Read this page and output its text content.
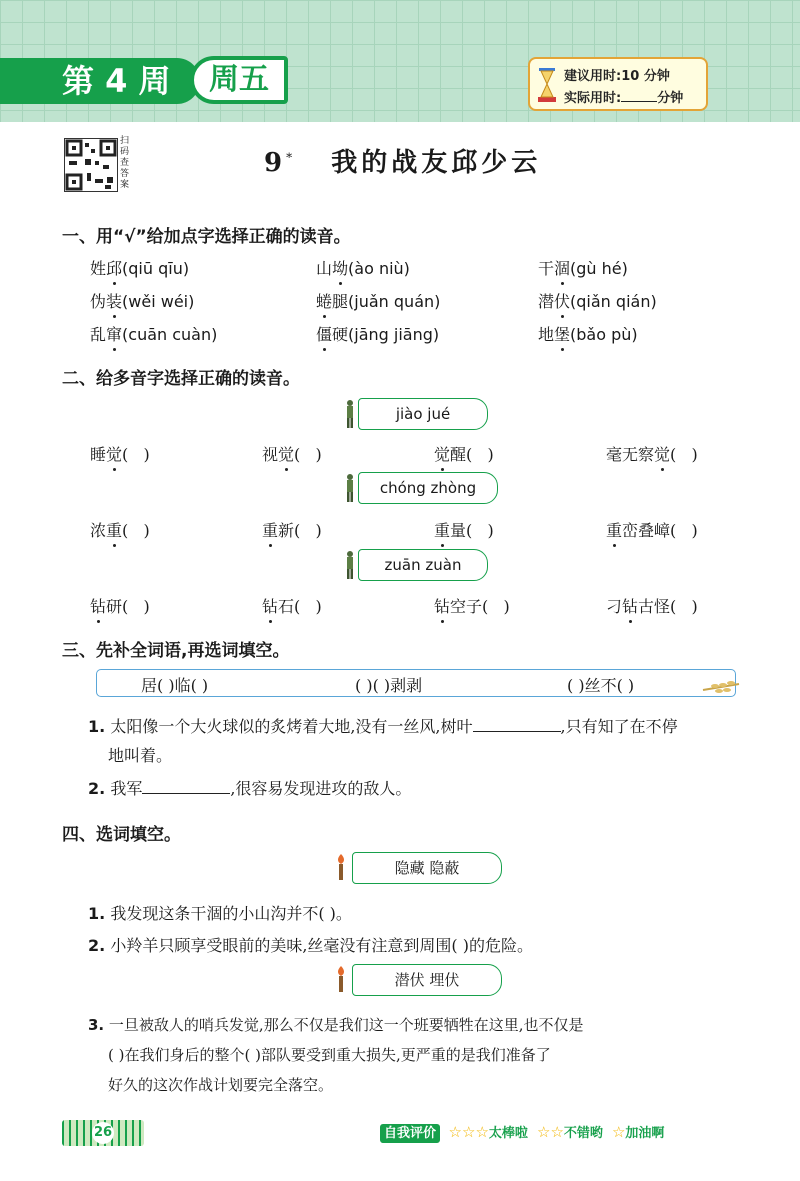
第 4 周	周五	建议用时:10 分钟
实际用时:	分钟
扫码查答案
9* 我的战友邱少云
一、用“√”给加点字选择正确的读音。
姓邱(qiū qīu)	山坳(ào niù)	干涸(gù hé)
伪装(wěi wéi)	蜷腿(juǎn quán)	潜伏(qiǎn qián)
乱窜(cuān cuàn)	僵硬(jāng jiāng)	地堡(bǎo pù)
二、给多音字选择正确的读音。
jiào jué
睡觉(   )	视觉(   )	觉醒(   )	毫无察觉(   )
chóng zhòng
浓重(   )	重新(   )	重量(   )	重峦叠嶂(   )
zuān zuàn
钻研(   )	钻石(   )	钻空子(   )	刁钻古怪(   )
三、先补全词语,再选词填空。
居( )临( )	( )( )剥剥	( )丝不( )
1. 太阳像一个大火球似的炙烤着大地,没有一丝风,树叶	,只有知了在不停
地叫着。
2. 我军	,很容易发现进攻的敌人。
四、选词填空。
隐藏 隐蔽
1. 我发现这条干涸的小山沟并不( )。
2. 小羚羊只顾享受眼前的美味,丝毫没有注意到周围( )的危险。
潜伏 埋伏
3. 一旦被敌人的哨兵发觉,那么不仅是我们这一个班要牺牲在这里,也不仅是
( )在我们身后的整个( )部队要受到重大损失,更严重的是我们准备了
好久的这次作战计划要完全落空。
26	自我评价 ☆☆☆太棒啦 ☆☆不错哟 ☆加油啊
